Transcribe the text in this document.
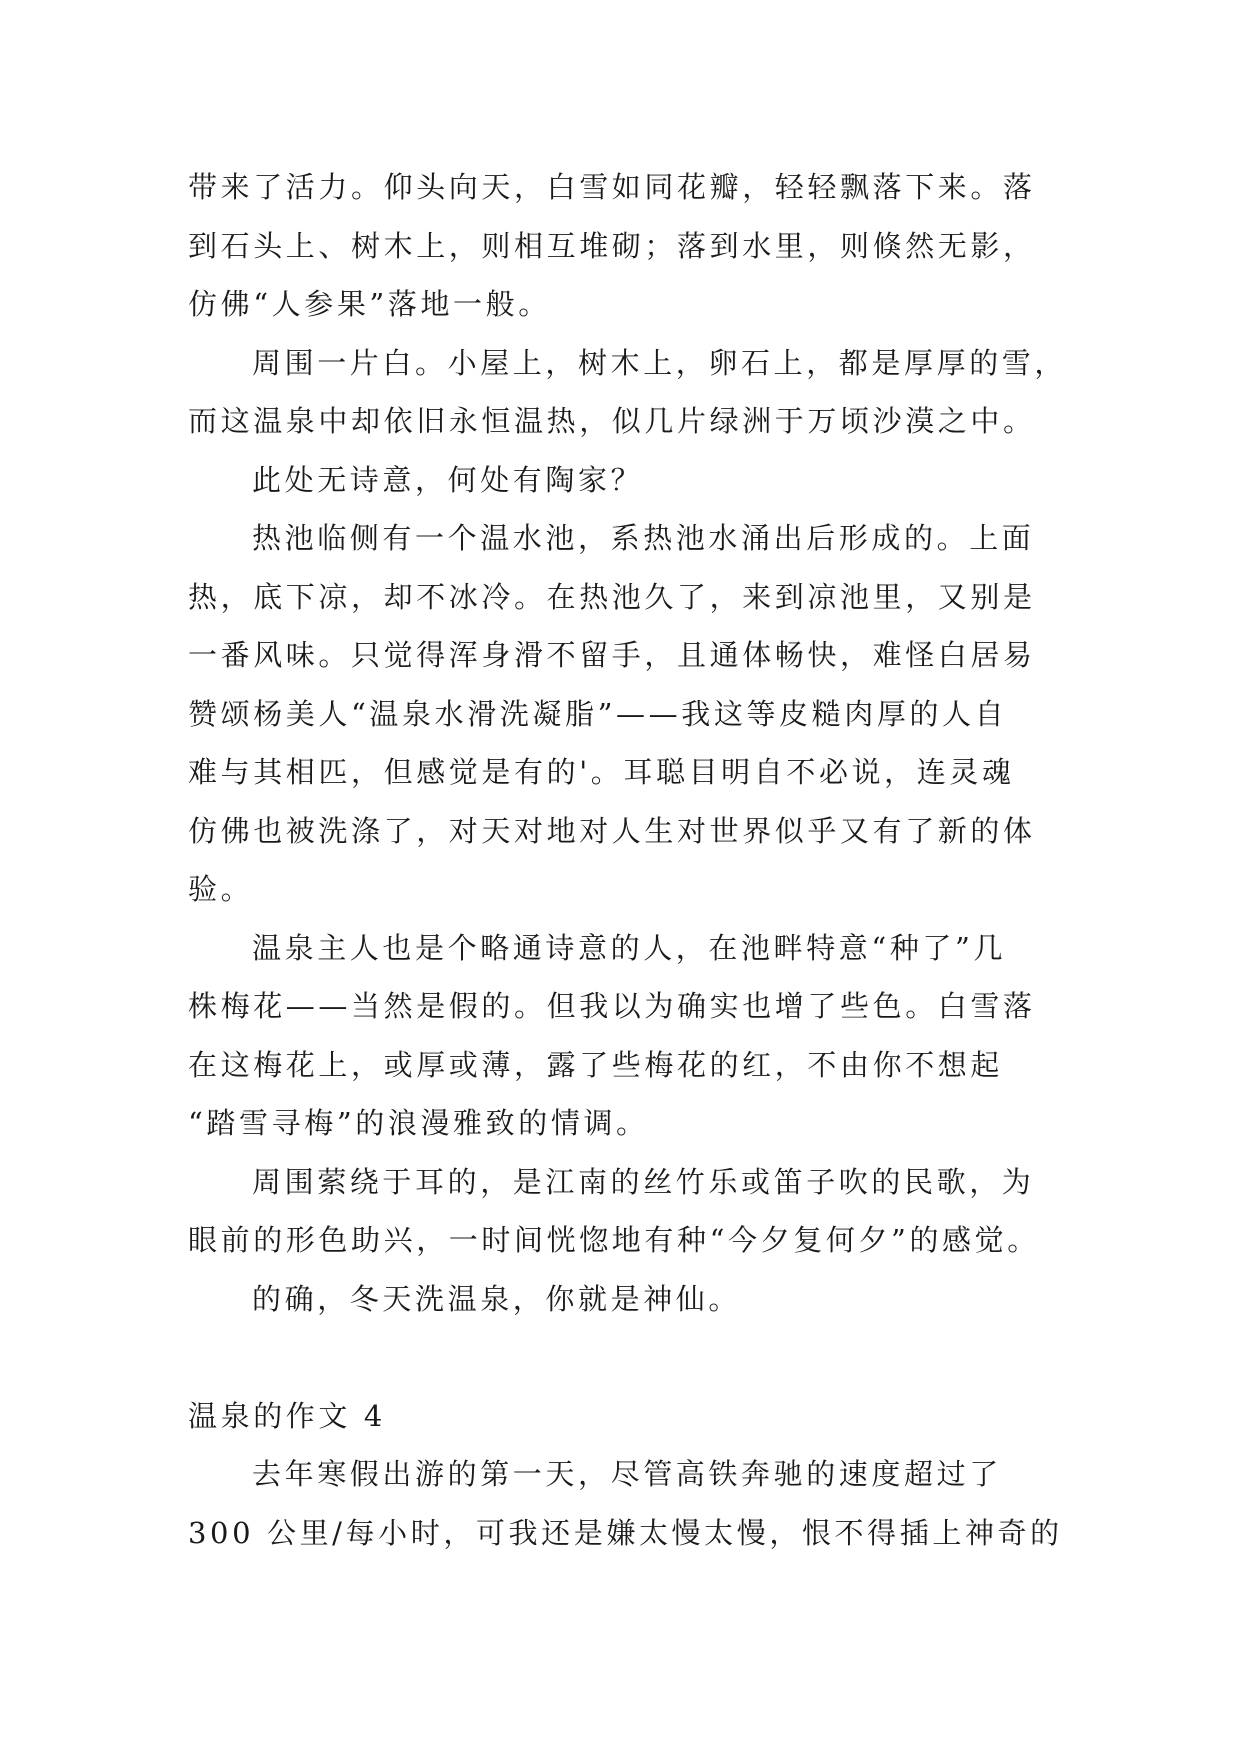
带来了活力。仰头向天，白雪如同花瓣，轻轻飘落下来。落
到石头上、树木上，则相互堆砌；落到水里，则倏然无影，
仿佛“人参果”落地一般。
周围一片白。小屋上，树木上，卵石上，都是厚厚的雪，
而这温泉中却依旧永恒温热，似几片绿洲于万顷沙漠之中。
此处无诗意，何处有陶家？
热池临侧有一个温水池，系热池水涌出后形成的。上面
热，底下凉，却不冰冷。在热池久了，来到凉池里，又别是
一番风味。只觉得浑身滑不留手，且通体畅快，难怪白居易
赞颂杨美人“温泉水滑洗凝脂”——我这等皮糙肉厚的人自
难与其相匹，但感觉是有的'。耳聪目明自不必说，连灵魂
仿佛也被洗涤了，对天对地对人生对世界似乎又有了新的体
验。
温泉主人也是个略通诗意的人，在池畔特意“种了”几
株梅花——当然是假的。但我以为确实也增了些色。白雪落
在这梅花上，或厚或薄，露了些梅花的红，不由你不想起
“踏雪寻梅”的浪漫雅致的情调。
周围萦绕于耳的，是江南的丝竹乐或笛子吹的民歌，为
眼前的形色助兴，一时间恍惚地有种“今夕复何夕”的感觉。
的确，冬天洗温泉，你就是神仙。
温泉的作文 4
去年寒假出游的第一天，尽管高铁奔驰的速度超过了
300 公里/每小时，可我还是嫌太慢太慢，恨不得插上神奇的
